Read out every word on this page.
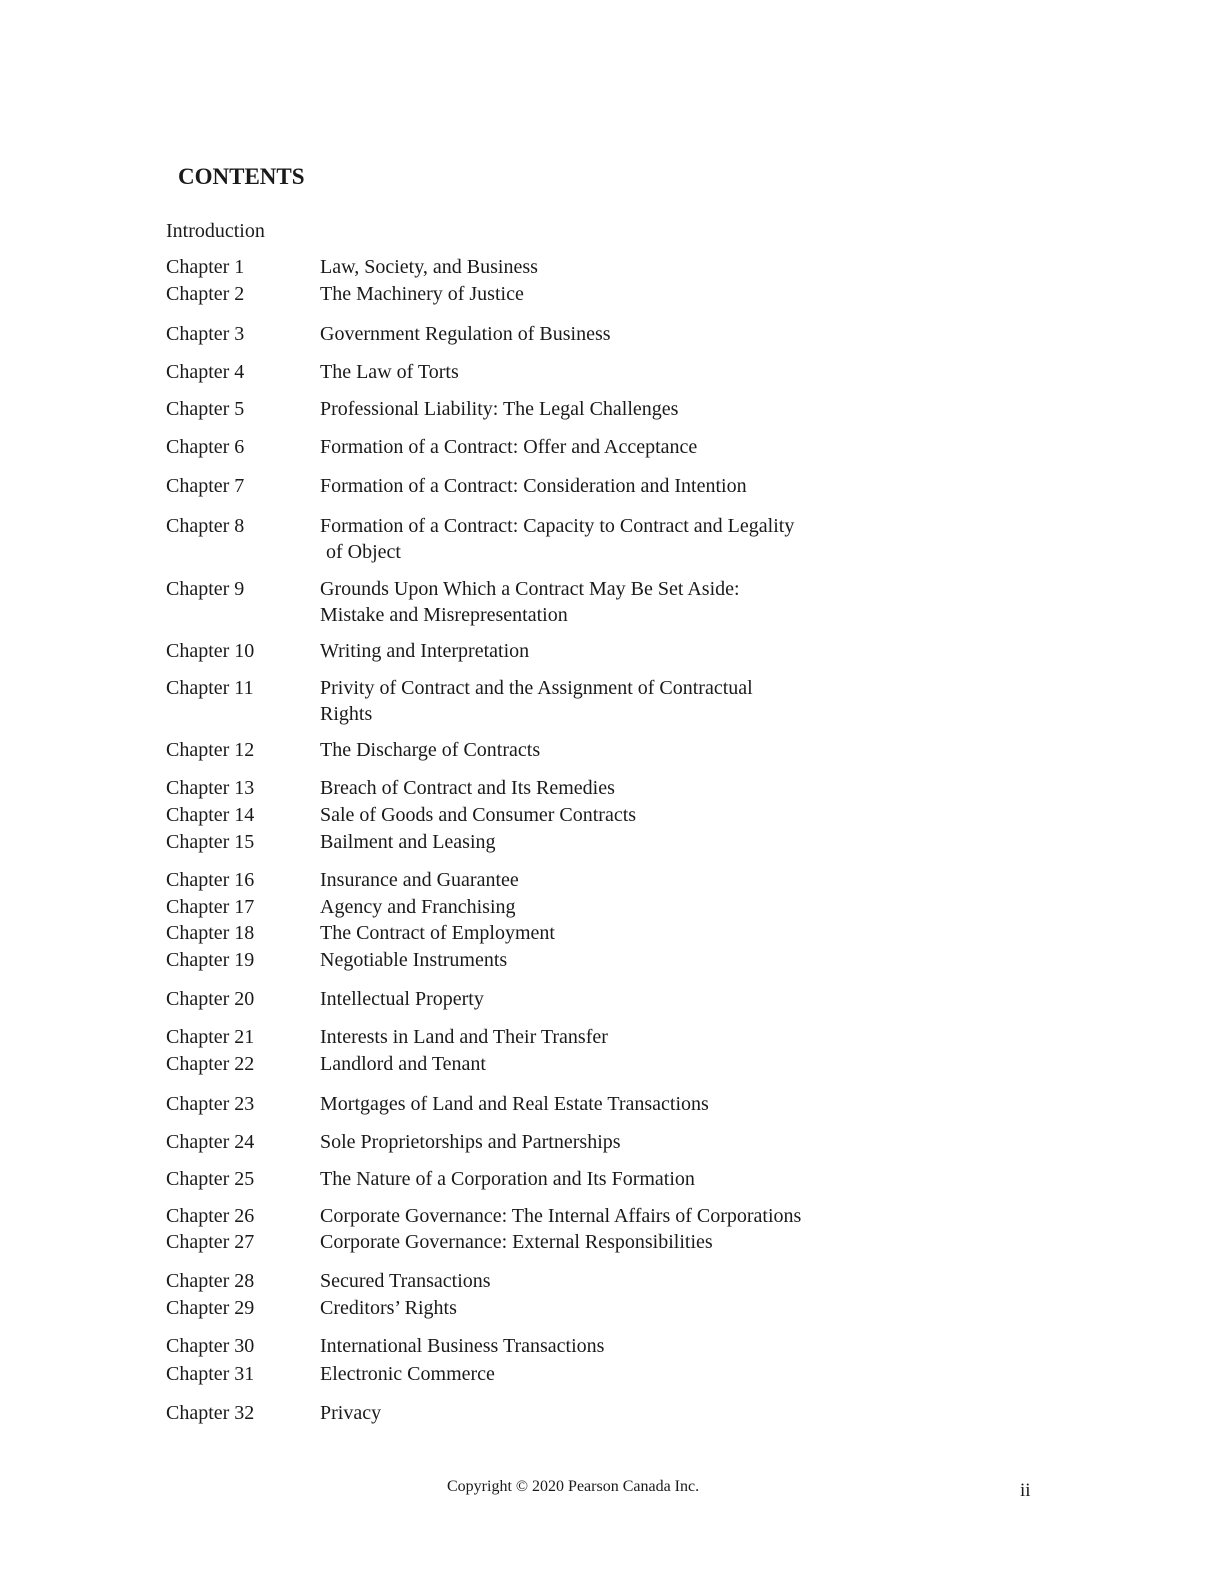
CONTENTS
Introduction
Chapter 1	Law, Society, and Business
Chapter 2	The Machinery of Justice
Chapter 3	Government Regulation of Business
Chapter 4	The Law of Torts
Chapter 5	Professional Liability: The Legal Challenges
Chapter 6	Formation of a Contract: Offer and Acceptance
Chapter 7	Formation of a Contract: Consideration and Intention
Chapter 8	Formation of a Contract: Capacity to Contract and Legality
of Object
Chapter 9	Grounds Upon Which a Contract May Be Set Aside:
Mistake and Misrepresentation
Chapter 10	Writing and Interpretation
Chapter 11	Privity of Contract and the Assignment of Contractual
Rights
Chapter 12	The Discharge of Contracts
Chapter 13	Breach of Contract and Its Remedies
Chapter 14	Sale of Goods and Consumer Contracts
Chapter 15	Bailment and Leasing
Chapter 16	Insurance and Guarantee
Chapter 17	Agency and Franchising
Chapter 18	The Contract of Employment
Chapter 19	Negotiable Instruments
Chapter 20	Intellectual Property
Chapter 21	Interests in Land and Their Transfer
Chapter 22	Landlord and Tenant
Chapter 23	Mortgages of Land and Real Estate Transactions
Chapter 24	Sole Proprietorships and Partnerships
Chapter 25	The Nature of a Corporation and Its Formation
Chapter 26	Corporate Governance: The Internal Affairs of Corporations
Chapter 27	Corporate Governance: External Responsibilities
Chapter 28	Secured Transactions
Chapter 29	Creditors’ Rights
Chapter 30	International Business Transactions
Chapter 31	Electronic Commerce
Chapter 32	Privacy
Copyright © 2020 Pearson Canada Inc.	ii
